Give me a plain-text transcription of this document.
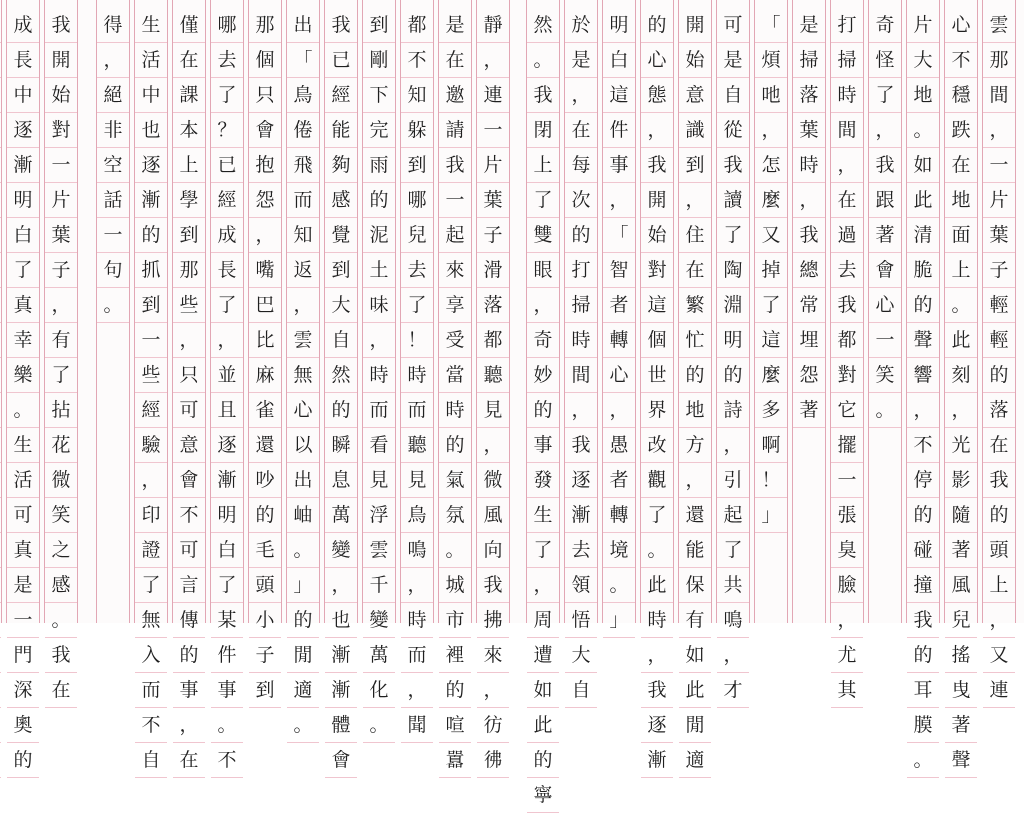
雲
那
間
，
一
片
葉
子
輕
輕
的
落
在
我
的
頭
上
，
又
連
心
不
穩
跌
在
地
面
上
。
此
刻
，
光
影
隨
著
風
兒
搖
曳
著
聲
片
大
地
。
如
此
清
脆
的
聲
響
，
不
停
的
碰
撞
我
的
耳
膜
。
奇
怪
了
，
我
跟
著
會
心
一
笑
。
打
掃
時
間
，
在
過
去
我
都
對
它
擺
一
張
臭
臉
，
尤
其
是
掃
落
葉
時
，
我
總
常
埋
怨
著
「
煩
吔
，
怎
麼
又
掉
了
這
麼
多
啊
！
」
可
是
自
從
我
讀
了
陶
淵
明
的
詩
，
引
起
了
共
鳴
，
才
開
始
意
識
到
，
住
在
繁
忙
的
地
方
，
還
能
保
有
如
此
閒
適
的
心
態
，
我
開
始
對
這
個
世
界
改
觀
了
。
此
時
，
我
逐
漸
明
白
這
件
事
，
「
智
者
轉
心
，
愚
者
轉
境
。
」
於
是
，
在
每
次
的
打
掃
時
間
，
我
逐
漸
去
領
悟
大
自
然
。
我
閉
上
了
雙
眼
，
奇
妙
的
事
發
生
了
，
周
遭
如
此
的
寧
靜
，
連
一
片
葉
子
滑
落
都
聽
見
，
微
風
向
我
拂
來
，
彷
彿
是
在
邀
請
我
一
起
來
享
受
當
時
的
氣
氛
。
城
市
裡
的
喧
囂
都
不
知
躲
到
哪
兒
去
了
！
時
而
聽
見
鳥
鳴
，
時
而
，
聞
到
剛
下
完
雨
的
泥
土
味
，
時
而
看
見
浮
雲
千
變
萬
化
。
我
已
經
能
夠
感
覺
到
大
自
然
的
瞬
息
萬
變
，
也
漸
漸
體
會
出
「
鳥
倦
飛
而
知
返
，
雲
無
心
以
出
岫
。
」
的
閒
適
。
那
個
只
會
抱
怨
，
嘴
巴
比
麻
雀
還
吵
的
毛
頭
小
子
到
哪
去
了
？
已
經
成
長
了
，
並
且
逐
漸
明
白
了
某
件
事
。
不
僅
在
課
本
上
學
到
那
些
，
只
可
意
會
不
可
言
傳
的
事
，
在
生
活
中
也
逐
漸
的
抓
到
一
些
經
驗
，
印
證
了
無
入
而
不
自
得
，
絕
非
空
話
一
句
。
我
開
始
對
一
片
葉
子
，
有
了
拈
花
微
笑
之
感
。
我
在
成
長
中
逐
漸
明
白
了
真
幸
樂
。
生
活
可
真
是
一
門
深
奧
的
